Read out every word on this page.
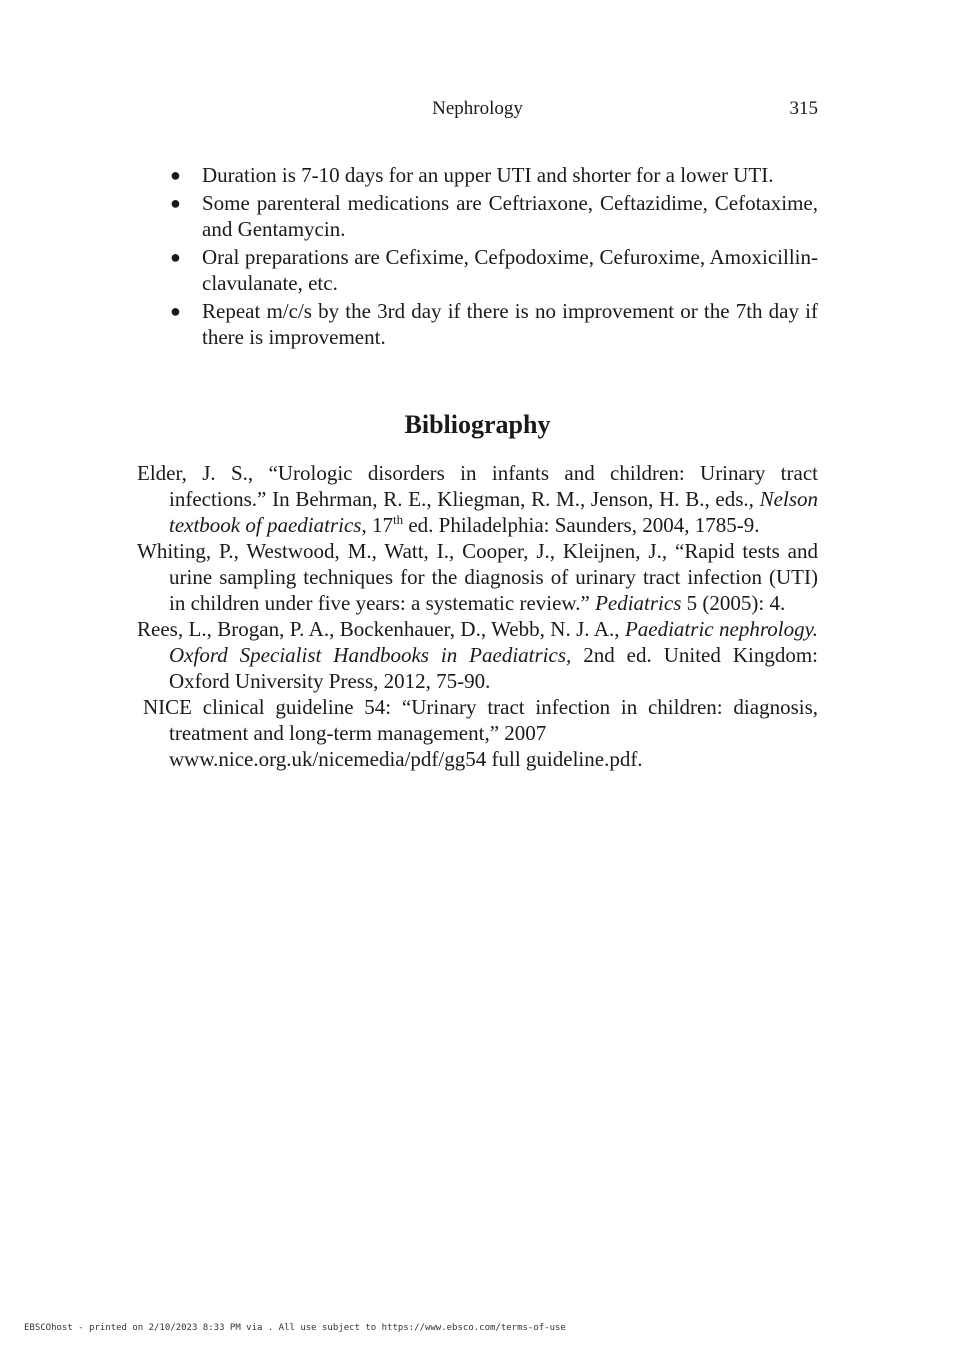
Nephrology	315
● Duration is 7-10 days for an upper UTI and shorter for a lower UTI.
● Some parenteral medications are Ceftriaxone, Ceftazidime, Cefotaxime, and Gentamycin.
● Oral preparations are Cefixime, Cefpodoxime, Cefuroxime, Amoxicillin-clavulanate, etc.
● Repeat m/c/s by the 3rd day if there is no improvement or the 7th day if there is improvement.
Bibliography

Elder, J. S., “Urologic disorders in infants and children: Urinary tract infections.” In Behrman, R. E., Kliegman, R. M., Jenson, H. B., eds., Nelson textbook of paediatrics, 17th ed. Philadelphia: Saunders, 2004, 1785-9.

Whiting, P., Westwood, M., Watt, I., Cooper, J., Kleijnen, J., “Rapid tests and urine sampling techniques for the diagnosis of urinary tract infection (UTI) in children under five years: a systematic review.” Pediatrics 5 (2005): 4.

Rees, L., Brogan, P. A., Bockenhauer, D., Webb, N. J. A., Paediatric nephrology. Oxford Specialist Handbooks in Paediatrics, 2nd ed. United Kingdom: Oxford University Press, 2012, 75-90.

NICE clinical guideline 54: “Urinary tract infection in children: diagnosis, treatment and long-term management,” 2007
www.nice.org.uk/nicemedia/pdf/gg54 full guideline.pdf.

EBSCOhost - printed on 2/10/2023 8:33 PM via . All use subject to https://www.ebsco.com/terms-of-use
